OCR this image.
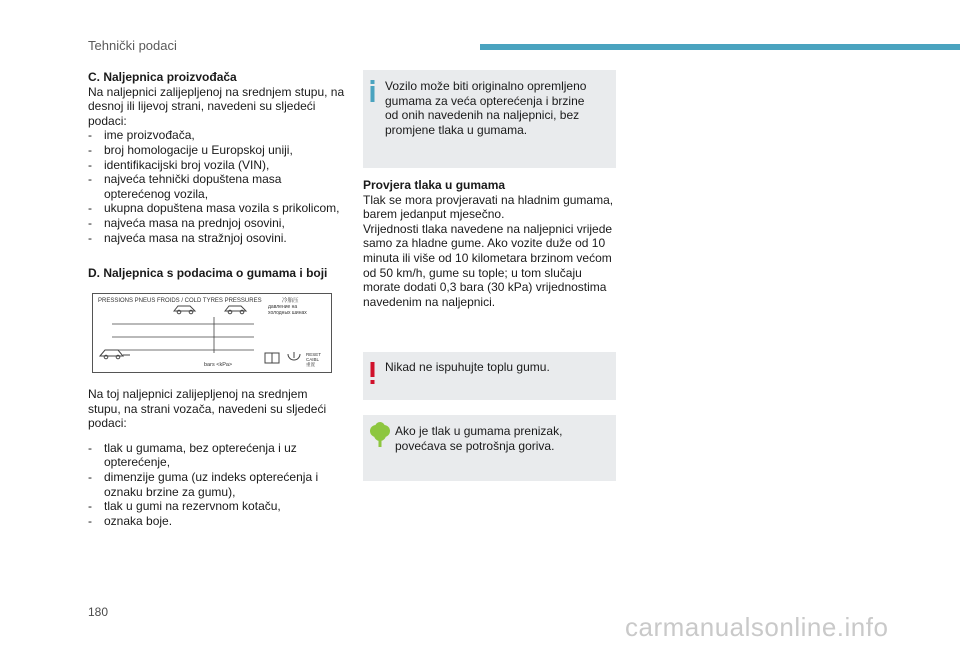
Tehnički podaci

C. Naljepnica proizvođača

Na naljepnici zalijepljenoj na srednjem stupu, na desnoj ili lijevoj strani, navedeni su sljedeći podaci:

- ime proizvođača,
- broj homologacije u Europskoj uniji,
- identifikacijski broj vozila (VIN),
- najveća tehnički dopuštena masa opterećenog vozila,
- ukupna dopuštena masa vozila s prikolicom,
- najveća masa na prednjoj osovini,
- najveća masa na stražnjoj osovini.
D. Naljepnica s podacima o gumama i boji
PRESSIONS PNEUS FROIDS / COLD TYRES PRESSURES	冷胎压
давление на
холодных шинах
bars <kPa>
RESET
CAIBL
重置

Na toj naljepnici zalijepljenoj na srednjem stupu, na strani vozača, navedeni su sljedeći podaci:

- tlak u gumama, bez opterećenja i uz opterećenje,
- dimenzije guma (uz indeks opterećenja i oznaku brzine za gumu),
- tlak u gumi na rezervnom kotaču,
- oznaka boje.
Vozilo može biti originalno opremljeno gumama za veća opterećenja i brzine od onih navedenih na naljepnici, bez promjene tlaka u gumama.

Provjera tlaka u gumama

Tlak se mora provjeravati na hladnim gumama, barem jedanput mjesečno.

Vrijednosti tlaka navedene na naljepnici vrijede samo za hladne gume. Ako vozite duže od 10 minuta ili više od 10 kilometara brzinom većom od 50 km/h, gume su tople; u tom slučaju morate dodati 0,3 bara (30 kPa) vrijednostima navedenim na naljepnici.

Nikad ne ispuhujte toplu gumu.
Ako je tlak u gumama prenizak, povećava se potrošnja goriva.
180	carmanualsonline.info
